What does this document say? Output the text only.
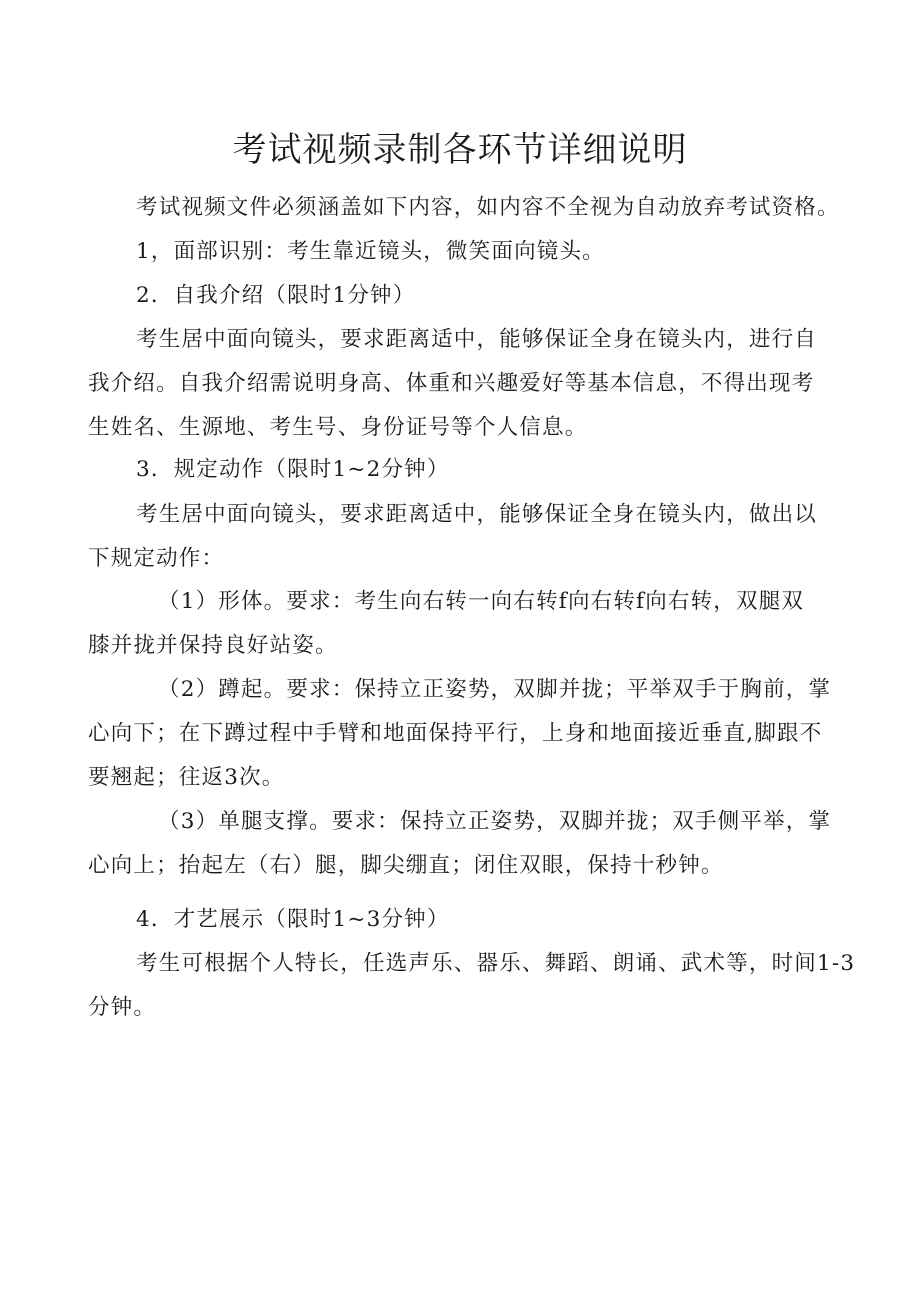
考试视频录制各环节详细说明
考试视频文件必须涵盖如下内容，如内容不全视为自动放弃考试资格。
1，面部识别：考生靠近镜头，微笑面向镜头。
2．自我介绍（限时1分钟）
考生居中面向镜头，要求距离适中，能够保证全身在镜头内，进行自
我介绍。自我介绍需说明身高、体重和兴趣爱好等基本信息，不得出现考
生姓名、生源地、考生号、身份证号等个人信息。
3．规定动作（限时1~2分钟）
考生居中面向镜头，要求距离适中，能够保证全身在镜头内，做出以
下规定动作：
（1）形体。要求：考生向右转一向右转f向右转f向右转，双腿双
膝并拢并保持良好站姿。
（2）蹲起。要求：保持立正姿势，双脚并拢；平举双手于胸前，掌
心向下；在下蹲过程中手臂和地面保持平行，上身和地面接近垂直,脚跟不
要翘起；往返3次。
（3）单腿支撑。要求：保持立正姿势，双脚并拢；双手侧平举，掌
心向上；抬起左（右）腿，脚尖绷直；闭住双眼，保持十秒钟。
4．才艺展示（限时1~3分钟）
考生可根据个人特长，任选声乐、器乐、舞蹈、朗诵、武术等，时间1-3
分钟。
